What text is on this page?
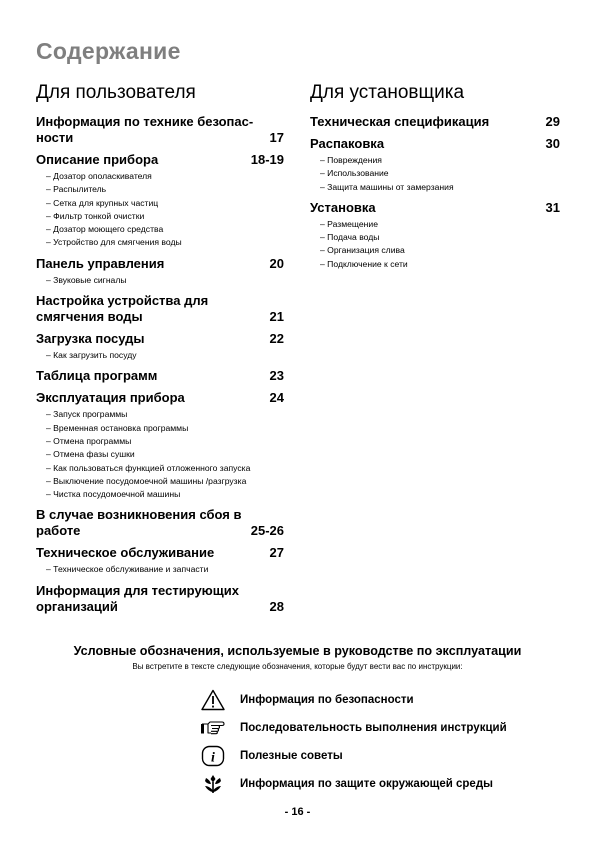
Содержание
Для пользователя
Информация по технике безопас-ности	17
Описание прибора	18-19
– Дозатор ополаскивателя
– Распылитель
– Сетка для крупных частиц
– Фильтр тонкой очистки
– Дозатор моющего средства
– Устройство для смягчения воды
Панель управления	20
– Звуковые сигналы
Настройка устройства для смягчения воды	21
Загрузка посуды	22
– Как загрузить посуду
Таблица программ	23
Эксплуатация прибора	24
– Запуск программы
– Временная остановка программы
– Отмена программы
– Отмена фазы сушки
– Как пользоваться функцией отложенного запуска
– Выключение посудомоечной машины /разгрузка
– Чистка посудомоечной машины
В случае возникновения сбоя в работе	25-26
Техническое обслуживание	27
– Техническое обслуживание и запчасти
Информация для тестирующих организаций	28
Для установщика
Техническая спецификация	29
Распаковка	30
– Повреждения
– Использование
– Защита машины от замерзания
Установка	31
– Размещение
– Подача воды
– Организация слива
– Подключение к сети
Условные обозначения, используемые в руководстве по эксплуатации
Вы встретите в тексте следующие обозначения, которые будут вести вас по инструкции:
Информация по безопасности
Последовательность выполнения инструкций
i Полезные советы
Информация по защите окружающей среды
- 16 -
